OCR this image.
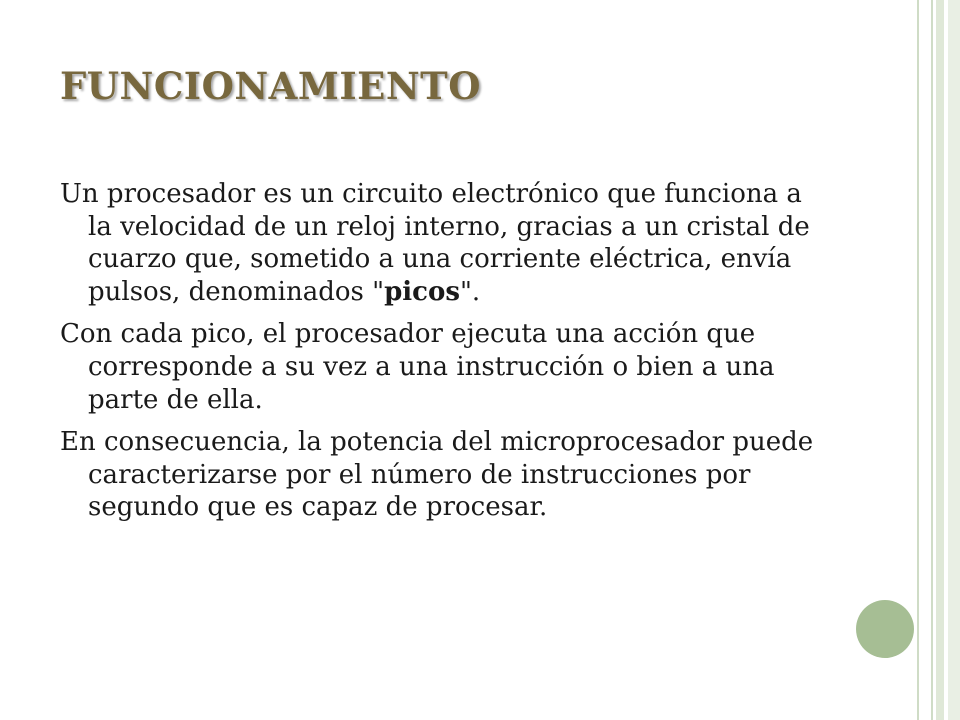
FUNCIONAMIENTO

Un procesador es un circuito electrónico que funciona a la velocidad de un reloj interno, gracias a un cristal de cuarzo que, sometido a una corriente eléctrica, envía pulsos, denominados "picos".

Con cada pico, el procesador ejecuta una acción que corresponde a su vez a una instrucción o bien a una parte de ella.

En consecuencia, la potencia del microprocesador puede caracterizarse por el número de instrucciones por segundo que es capaz de procesar.
